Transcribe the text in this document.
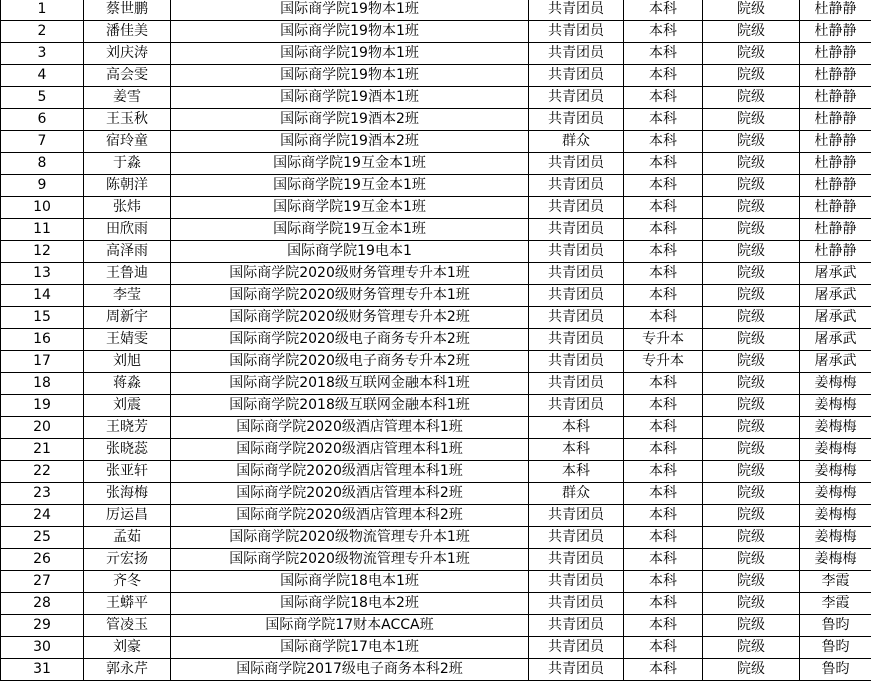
1	蔡世鹏	国际商学院19物本1班	共青团员	本科	院级	杜静静
2	潘佳美	国际商学院19物本1班	共青团员	本科	院级	杜静静
3	刘庆涛	国际商学院19物本1班	共青团员	本科	院级	杜静静
4	高会雯	国际商学院19物本1班	共青团员	本科	院级	杜静静
5	姜雪	国际商学院19酒本1班	共青团员	本科	院级	杜静静
6	王玉秋	国际商学院19酒本2班	共青团员	本科	院级	杜静静
7	宿玲童	国际商学院19酒本2班	群众	本科	院级	杜静静
8	于淼	国际商学院19互金本1班	共青团员	本科	院级	杜静静
9	陈朝洋	国际商学院19互金本1班	共青团员	本科	院级	杜静静
10	张炜	国际商学院19互金本1班	共青团员	本科	院级	杜静静
11	田欣雨	国际商学院19互金本1班	共青团员	本科	院级	杜静静
12	高泽雨	国际商学院19电本1	共青团员	本科	院级	杜静静
13	王鲁迪	国际商学院2020级财务管理专升本1班	共青团员	本科	院级	屠承武
14	李莹	国际商学院2020级财务管理专升本1班	共青团员	本科	院级	屠承武
15	周新宇	国际商学院2020级财务管理专升本2班	共青团员	本科	院级	屠承武
16	王婧雯	国际商学院2020级电子商务专升本2班	共青团员	专升本	院级	屠承武
17	刘旭	国际商学院2020级电子商务专升本2班	共青团员	专升本	院级	屠承武
18	蒋淼	国际商学院2018级互联网金融本科1班	共青团员	本科	院级	姜梅梅
19	刘震	国际商学院2018级互联网金融本科1班	共青团员	本科	院级	姜梅梅
20	王晓芳	国际商学院2020级酒店管理本科1班	本科	本科	院级	姜梅梅
21	张晓蕊	国际商学院2020级酒店管理本科1班	本科	本科	院级	姜梅梅
22	张亚轩	国际商学院2020级酒店管理本科1班	本科	本科	院级	姜梅梅
23	张海梅	国际商学院2020级酒店管理本科2班	群众	本科	院级	姜梅梅
24	厉运昌	国际商学院2020级酒店管理本科2班	共青团员	本科	院级	姜梅梅
25	孟茹	国际商学院2020级物流管理专升本1班	共青团员	本科	院级	姜梅梅
26	亓宏扬	国际商学院2020级物流管理专升本1班	共青团员	本科	院级	姜梅梅
27	齐冬	国际商学院18电本1班	共青团员	本科	院级	李霞
28	王蟒平	国际商学院18电本2班	共青团员	本科	院级	李霞
29	管凌玉	国际商学院17财本ACCA班	共青团员	本科	院级	鲁昀
30	刘豪	国际商学院17电本1班	共青团员	本科	院级	鲁昀
31	郭永芹	国际商学院2017级电子商务本科2班	共青团员	本科	院级	鲁昀
